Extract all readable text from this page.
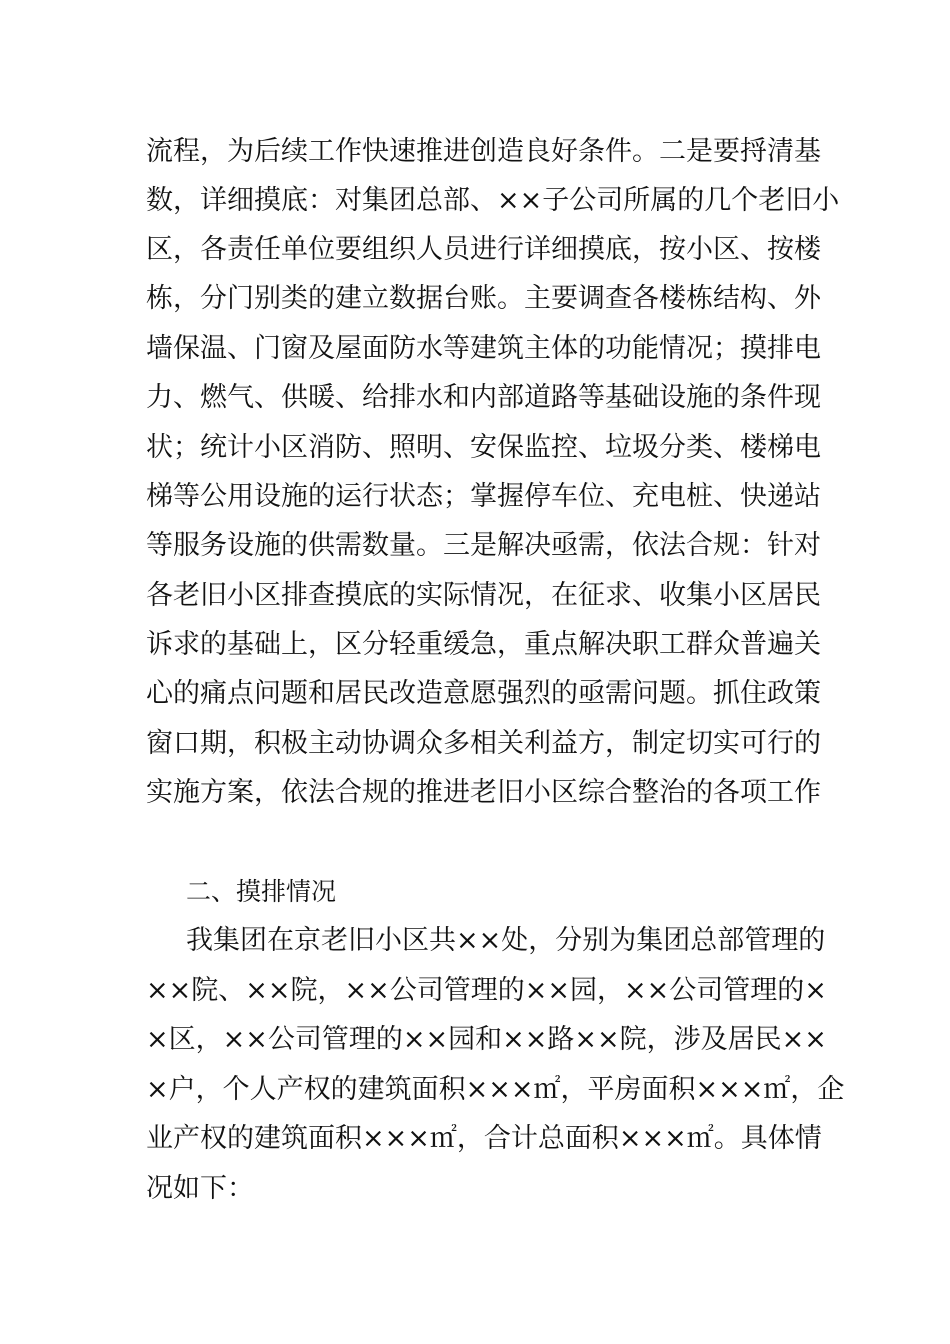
流程，为后续工作快速推进创造良好条件。二是要捋清基
数，详细摸底：对集团总部、××子公司所属的几个老旧小
区，各责任单位要组织人员进行详细摸底，按小区、按楼
栋，分门别类的建立数据台账。主要调查各楼栋结构、外
墙保温、门窗及屋面防水等建筑主体的功能情况；摸排电
力、燃气、供暖、给排水和内部道路等基础设施的条件现
状；统计小区消防、照明、安保监控、垃圾分类、楼梯电
梯等公用设施的运行状态；掌握停车位、充电桩、快递站
等服务设施的供需数量。三是解决亟需，依法合规：针对
各老旧小区排查摸底的实际情况，在征求、收集小区居民
诉求的基础上，区分轻重缓急，重点解决职工群众普遍关
心的痛点问题和居民改造意愿强烈的亟需问题。抓住政策
窗口期，积极主动协调众多相关利益方，制定切实可行的
实施方案，依法合规的推进老旧小区综合整治的各项工作
二、摸排情况
我集团在京老旧小区共××处，分别为集团总部管理的
××院、××院，××公司管理的××园，××公司管理的×
×区，××公司管理的××园和××路××院，涉及居民××
×户，个人产权的建筑面积×××㎡，平房面积×××㎡，企
业产权的建筑面积×××㎡，合计总面积×××㎡。具体情
况如下：
